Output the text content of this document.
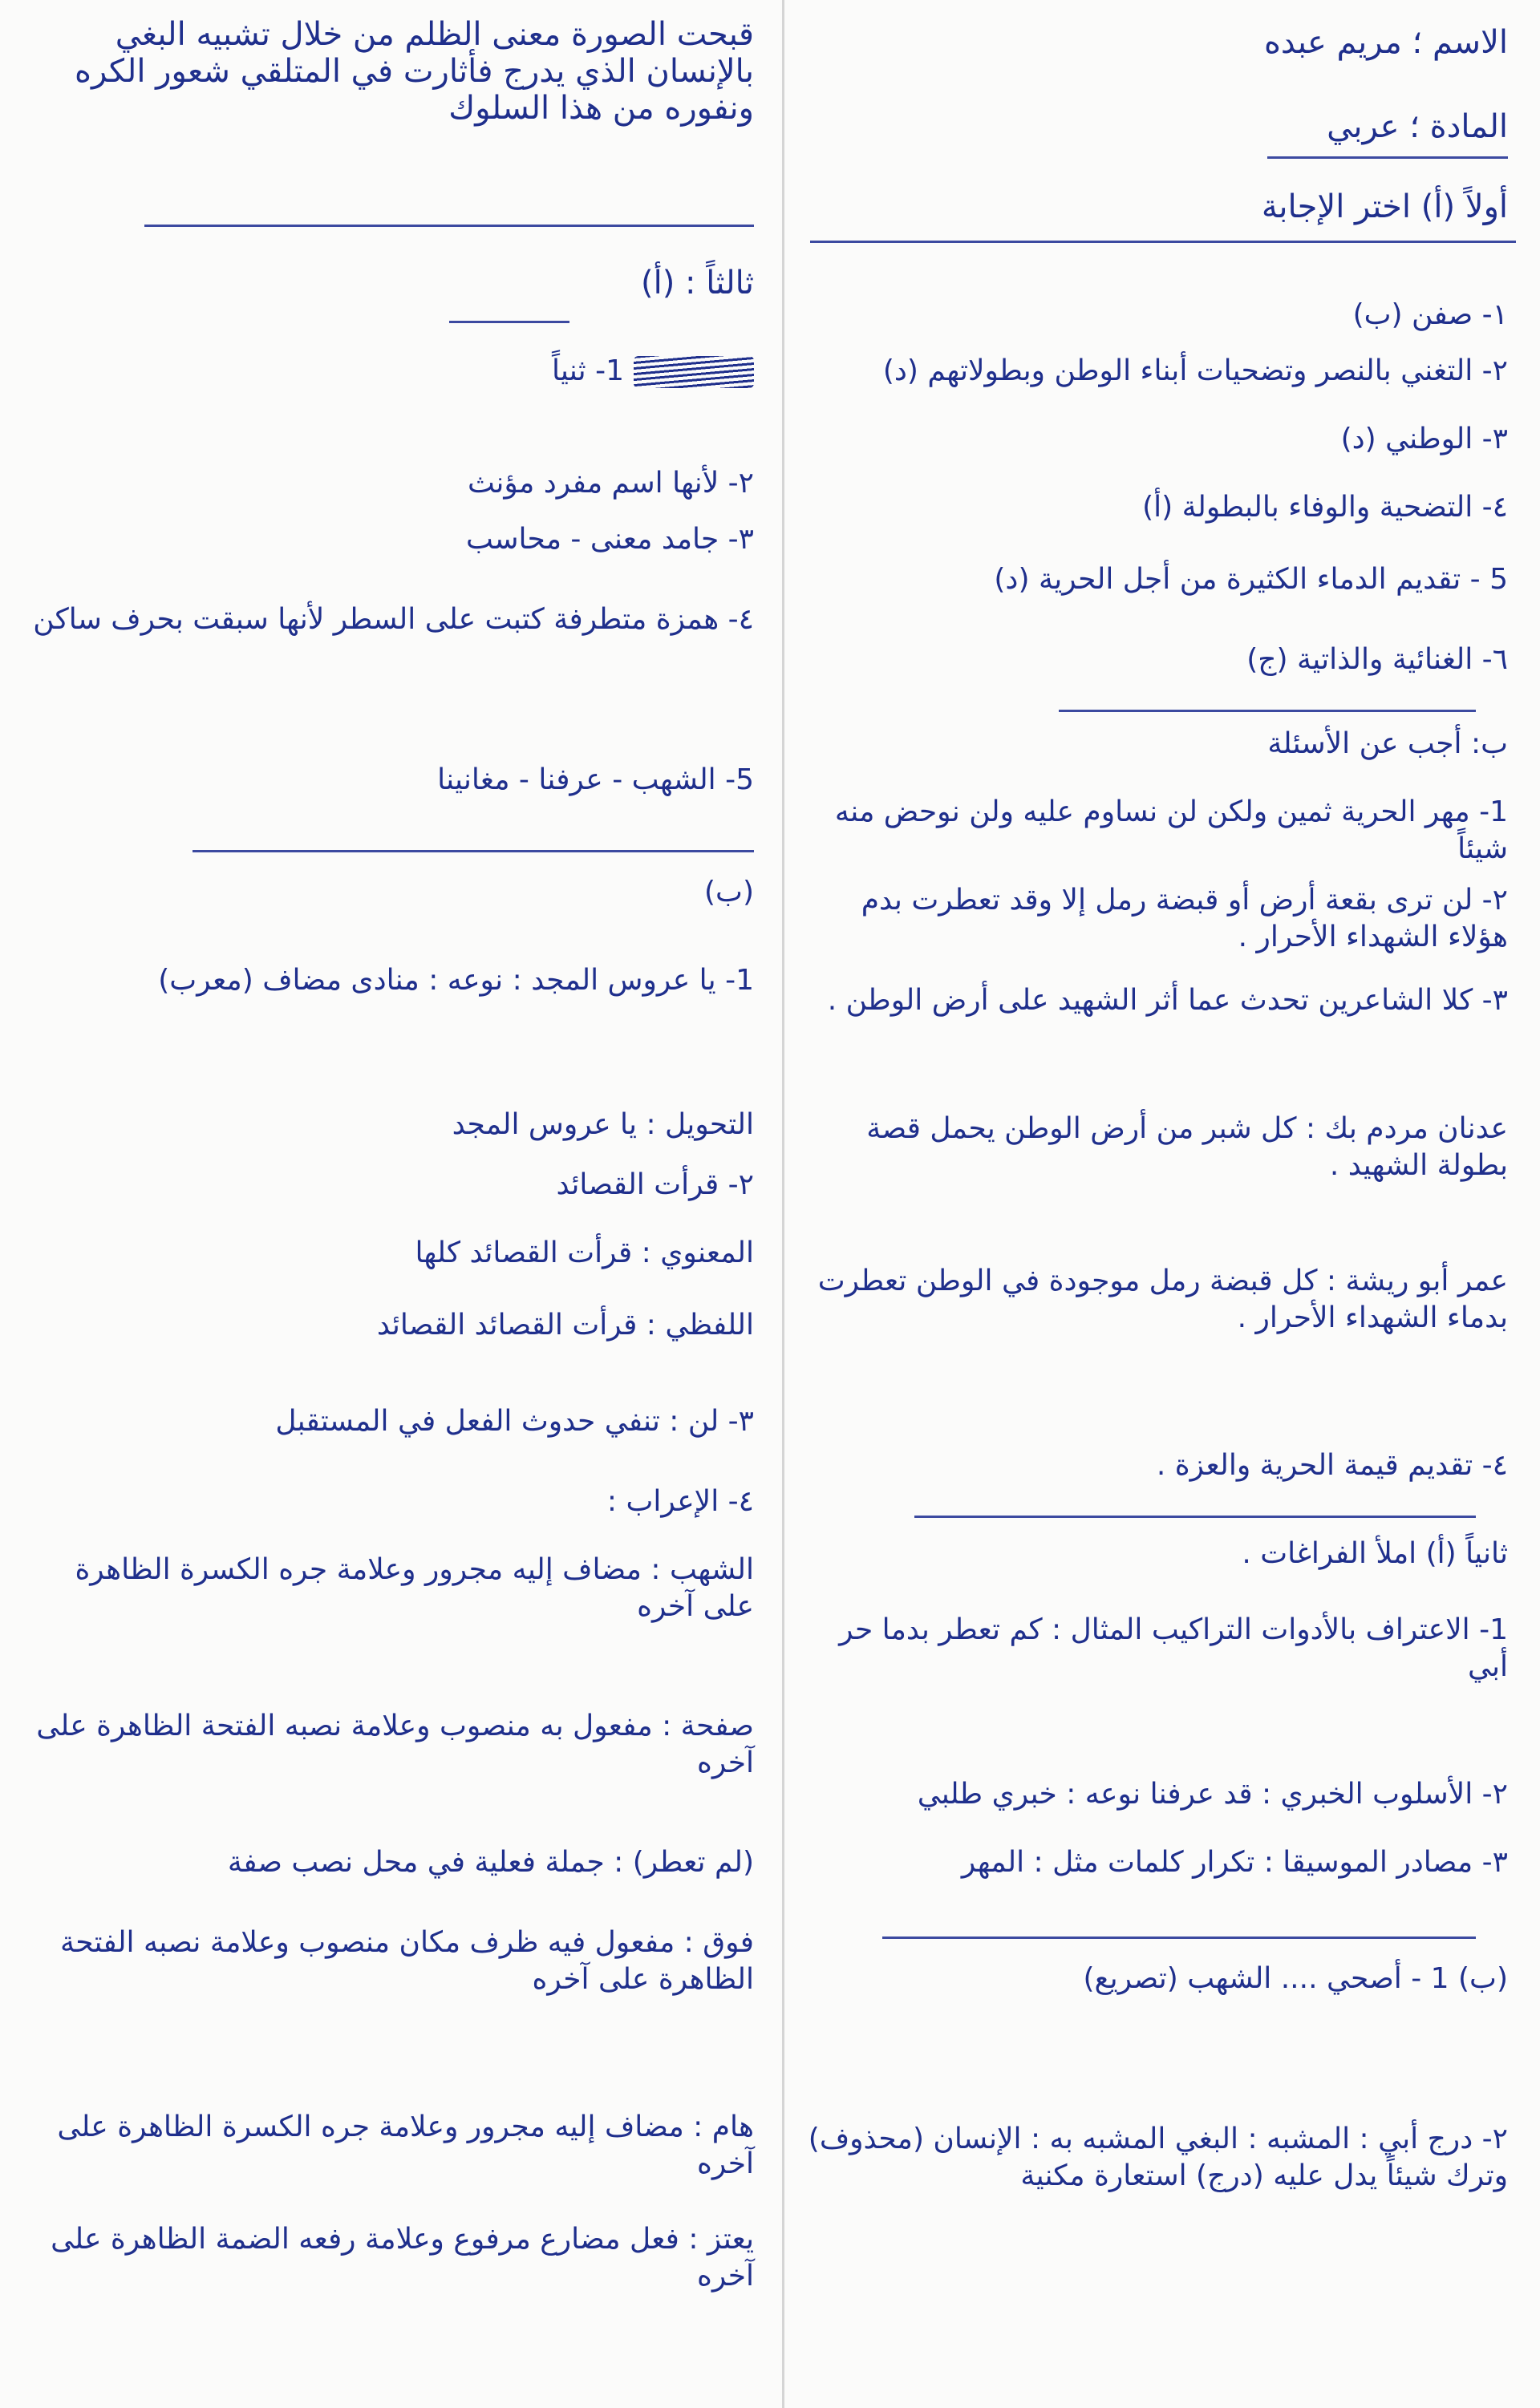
الاسم ؛ مريم عبده

المادة ؛ عربي

أولاً (أ) اختر الإجابة

١- صفن (ب)

٢- التغني بالنصر وتضحيات أبناء الوطن وبطولاتهم (د)

٣- الوطني (د)

٤- التضحية والوفاء بالبطولة (أ)

5 - تقديم الدماء الكثيرة من أجل الحرية (د)

٦- الغنائية والذاتية (ج)

ب: أجب عن الأسئلة

1- مهر الحرية ثمين ولكن لن نساوم عليه ولن نوحض منه شيئاً

٢- لن ترى بقعة أرض أو قبضة رمل إلا وقد تعطرت بدم هؤلاء الشهداء الأحرار .

٣- كلا الشاعرين تحدث عما أثر الشهيد على أرض الوطن .

عدنان مردم بك : كل شبر من أرض الوطن يحمل قصة بطولة الشهيد .

عمر أبو ريشة : كل قبضة رمل موجودة في الوطن تعطرت بدماء الشهداء الأحرار .

٤- تقديم قيمة الحرية والعزة .

ثانياً (أ) املأ الفراغات .

1- الاعتراف بالأدوات التراكيب المثال : كم تعطر بدما حر أبي

٢- الأسلوب الخبري : قد عرفنا نوعه : خبري طلبي

٣- مصادر الموسيقا : تكرار كلمات مثل : المهر

(ب) 1 - أصحي .... الشهب (تصريع)

٢- درج أبي : المشبه : البغي المشبه به : الإنسان (محذوف) وترك شيئاً يدل عليه (درج) استعارة مكنية

قبحت الصورة معنى الظلم من خلال تشبيه البغي بالإنسان الذي يدرج فأثارت في المتلقي شعور الكره ونفوره من هذا السلوك

ثالثاً : (أ)

1- ثنياً

٢- لأنها اسم مفرد مؤنث

٣- جامد معنى - محاسب

٤- همزة متطرفة كتبت على السطر لأنها سبقت بحرف ساكن

5- الشهب - عرفنا - مغانينا

(ب)

1- يا عروس المجد : نوعه : منادى مضاف (معرب)

التحويل : يا عروس المجد

٢- قرأت القصائد

المعنوي : قرأت القصائد كلها

اللفظي : قرأت القصائد القصائد

٣- لن : تنفي حدوث الفعل في المستقبل

٤- الإعراب :

الشهب : مضاف إليه مجرور وعلامة جره الكسرة الظاهرة على آخره

صفحة : مفعول به منصوب وعلامة نصبه الفتحة الظاهرة على آخره

(لم تعطر) : جملة فعلية في محل نصب صفة

فوق : مفعول فيه ظرف مكان منصوب وعلامة نصبه الفتحة الظاهرة على آخره

هام : مضاف إليه مجرور وعلامة جره الكسرة الظاهرة على آخره

يعتز : فعل مضارع مرفوع وعلامة رفعه الضمة الظاهرة على آخره
